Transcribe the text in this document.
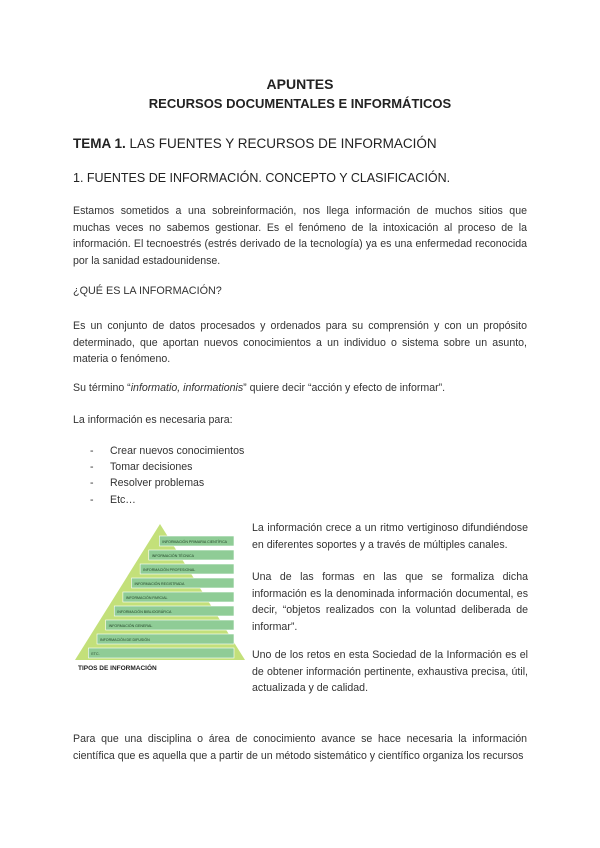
APUNTES
RECURSOS DOCUMENTALES E INFORMÁTICOS
TEMA 1. LAS FUENTES Y RECURSOS DE INFORMACIÓN
1. FUENTES DE INFORMACIÓN. CONCEPTO Y CLASIFICACIÓN.
Estamos sometidos a una sobreinformación, nos llega información de muchos sitios que muchas veces no sabemos gestionar. Es el fenómeno de la intoxicación al proceso de la información. El tecnoestrés (estrés derivado de la tecnología) ya es una enfermedad reconocida por la sanidad estadounidense.
¿QUÉ ES LA INFORMACIÓN?
Es un conjunto de datos procesados y ordenados para su comprensión y con un propósito determinado, que aportan nuevos conocimientos a un individuo o sistema sobre un asunto, materia o fenómeno.
Su término “informatio, informationis” quiere decir “acción y efecto de informar”.
La información es necesaria para:
- Crear nuevos conocimientos
- Tomar decisiones
- Resolver problemas
- Etc…
INFORMACIÓN PRIMARIA CIENTÍFICA
INFORMACIÓN TÉCNICA
INFORMACIÓN PROFESIONAL
INFORMACIÓN REGISTRADA
INFORMACIÓN PARCIAL
INFORMACIÓN BIBLIOGRÁFICA
INFORMACIÓN GENERAL
INFORMACIÓN DE DIFUSIÓN
ETC.
TIPOS DE INFORMACIÓN
La información crece a un ritmo vertiginoso difundiéndose en diferentes soportes y a través de múltiples canales.
Una de las formas en las que se formaliza dicha información es la denominada información documental, es decir, “objetos realizados con la voluntad deliberada de informar”.
Uno de los retos en esta Sociedad de la Información es el de obtener información pertinente, exhaustiva precisa, útil, actualizada y de calidad.
Para que una disciplina o área de conocimiento avance se hace necesaria la información científica que es aquella que a partir de un método sistemático y científico organiza los recursos
